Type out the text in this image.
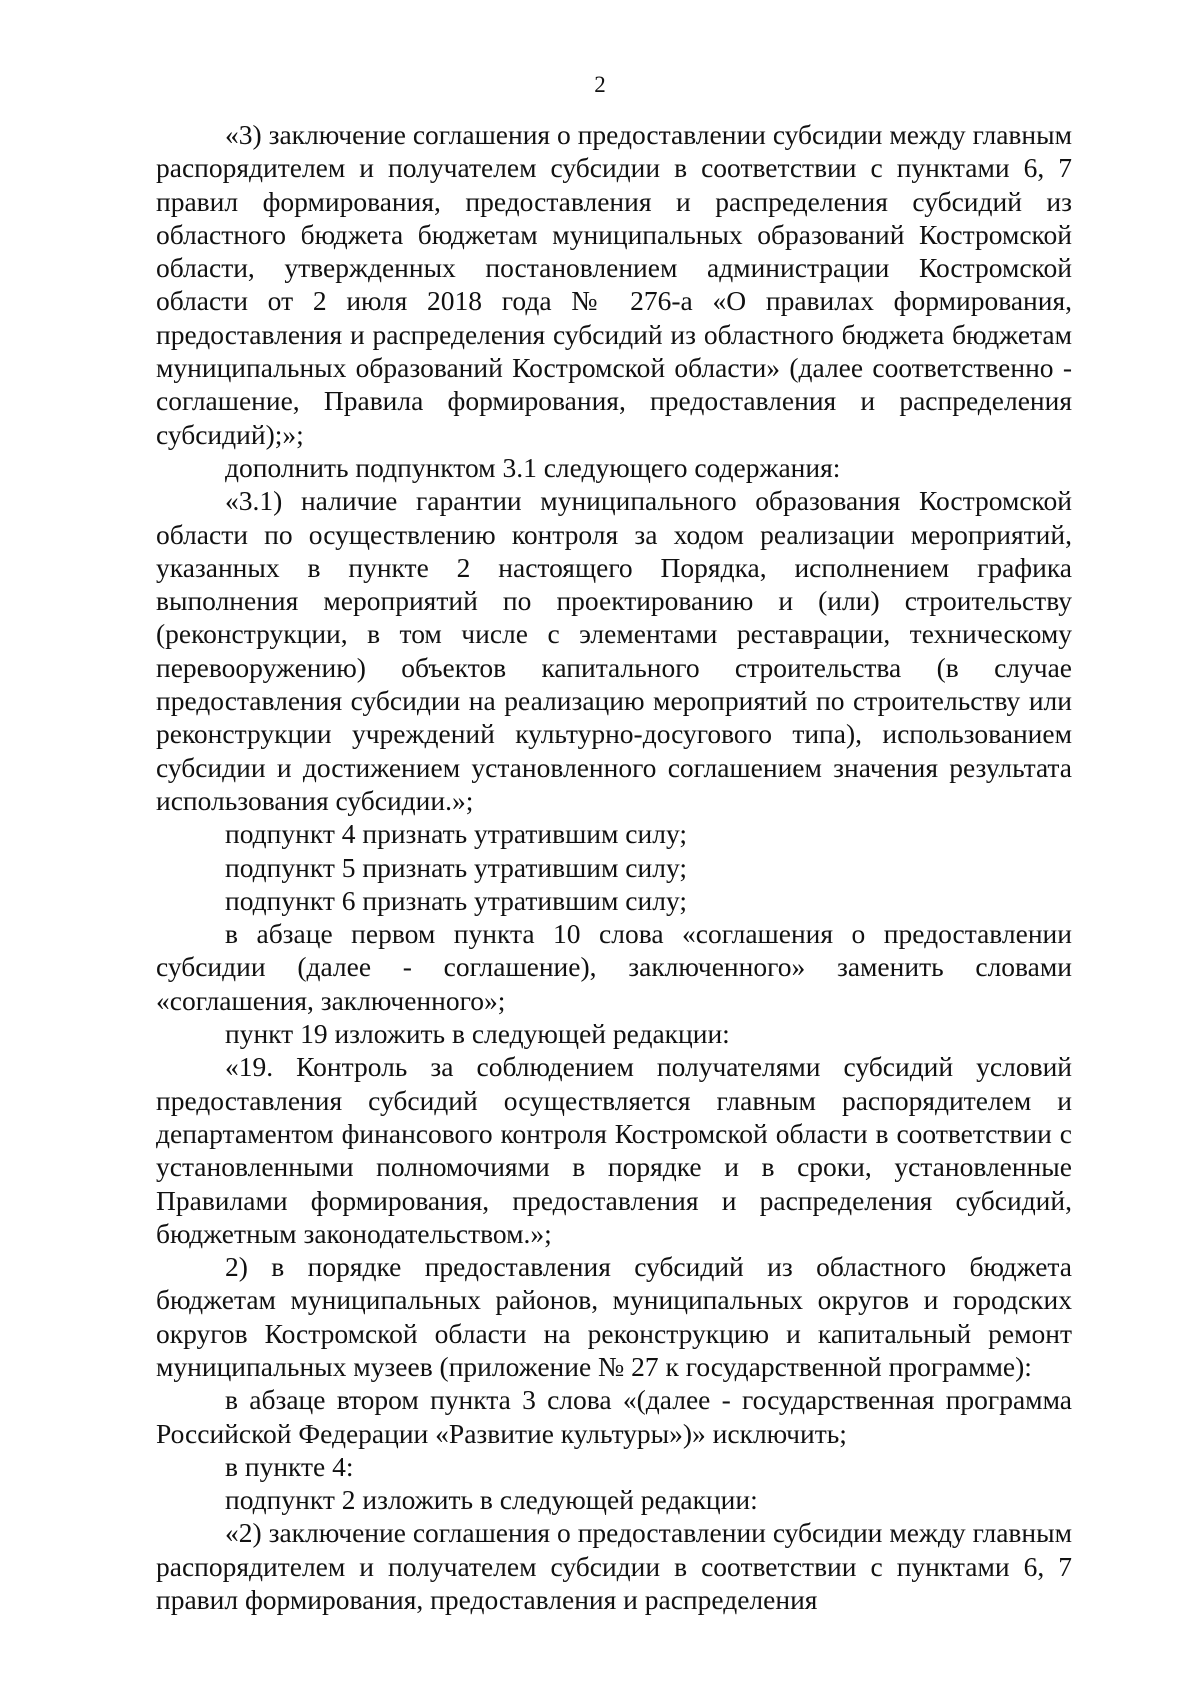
2

«3) заключение соглашения о предоставлении субсидии между главным распорядителем и получателем субсидии в соответствии с пунктами 6, 7 правил формирования, предоставления и распределения субсидий из областного бюджета бюджетам муниципальных образований Костромской области, утвержденных постановлением администрации Костромской области от 2 июля 2018 года № 276-а «О правилах формирования, предоставления и распределения субсидий из областного бюджета бюджетам муниципальных образований Костромской области» (далее соответственно - соглашение, Правила формирования, предоставления и распределения субсидий);»;

дополнить подпунктом 3.1 следующего содержания:

«3.1) наличие гарантии муниципального образования Костромской области по осуществлению контроля за ходом реализации мероприятий, указанных в пункте 2 настоящего Порядка, исполнением графика выполнения мероприятий по проектированию и (или) строительству (реконструкции, в том числе с элементами реставрации, техническому перевооружению) объектов капитального строительства (в случае предоставления субсидии на реализацию мероприятий по строительству или реконструкции учреждений культурно-досугового типа), использованием субсидии и достижением установленного соглашением значения результата использования субсидии.»;

подпункт 4 признать утратившим силу;

подпункт 5 признать утратившим силу;

подпункт 6 признать утратившим силу;

в абзаце первом пункта 10 слова «соглашения о предоставлении субсидии (далее - соглашение), заключенного» заменить словами «соглашения, заключенного»;

пункт 19 изложить в следующей редакции:

«19. Контроль за соблюдением получателями субсидий условий предоставления субсидий осуществляется главным распорядителем и департаментом финансового контроля Костромской области в соответствии с установленными полномочиями в порядке и в сроки, установленные Правилами формирования, предоставления и распределения субсидий, бюджетным законодательством.»;

2) в порядке предоставления субсидий из областного бюджета бюджетам муниципальных районов, муниципальных округов и городских округов Костромской области на реконструкцию и капитальный ремонт муниципальных музеев (приложение № 27 к государственной программе):

в абзаце втором пункта 3 слова «(далее - государственная программа Российской Федерации «Развитие культуры»)» исключить;

в пункте 4:

подпункт 2 изложить в следующей редакции:

«2) заключение соглашения о предоставлении субсидии между главным распорядителем и получателем субсидии в соответствии с пунктами 6, 7 правил формирования, предоставления и распределения
